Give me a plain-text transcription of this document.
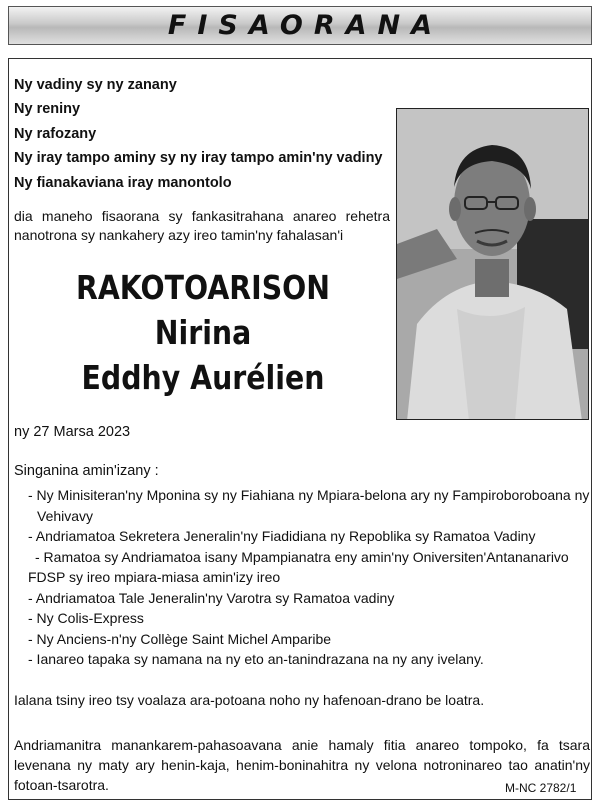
FISAORANA
Ny vadiny sy ny zanany
Ny reniny
Ny rafozany
Ny iray tampo aminy sy ny iray tampo amin'ny vadiny
Ny fianakaviana iray manontolo
dia maneho fisaorana sy fankasitrahana anareo rehetra nanotrona sy nankahery azy ireo tamin'ny fahalasan'i
RAKOTOARISON
Nirina
Eddhy Aurélien
ny 27 Marsa 2023
Singanina amin'izany :
- Ny Minisiteran'ny Mponina sy ny Fiahiana ny Mpiara-belona ary ny Fampiroboroboana ny Vehivavy
- Andriamatoa Sekretera Jeneralin'ny Fiadidiana ny Repoblika sy Ramatoa Vadiny
- Ramatoa sy Andriamatoa isany Mpampianatra eny amin'ny Oniversiten'Antananarivo FDSP sy ireo mpiara-miasa amin'izy ireo
- Andriamatoa Tale Jeneralin'ny Varotra sy Ramatoa vadiny
- Ny Colis-Express
- Ny Anciens-n'ny Collège Saint Michel Amparibe
- Ianareo tapaka sy namana na ny eto an-tanindrazana na ny any ivelany.
Ialana tsiny ireo tsy voalaza ara-potoana noho ny hafenoan-drano be loatra.
Andriamanitra manankarem-pahasoavana anie hamaly fitia anareo tompoko, fa tsara levenana ny maty ary henin-kaja, henim-boninahitra ny velona notroninareo tao anatin'ny fotoan-tsarotra.	M-NC 2782/1
